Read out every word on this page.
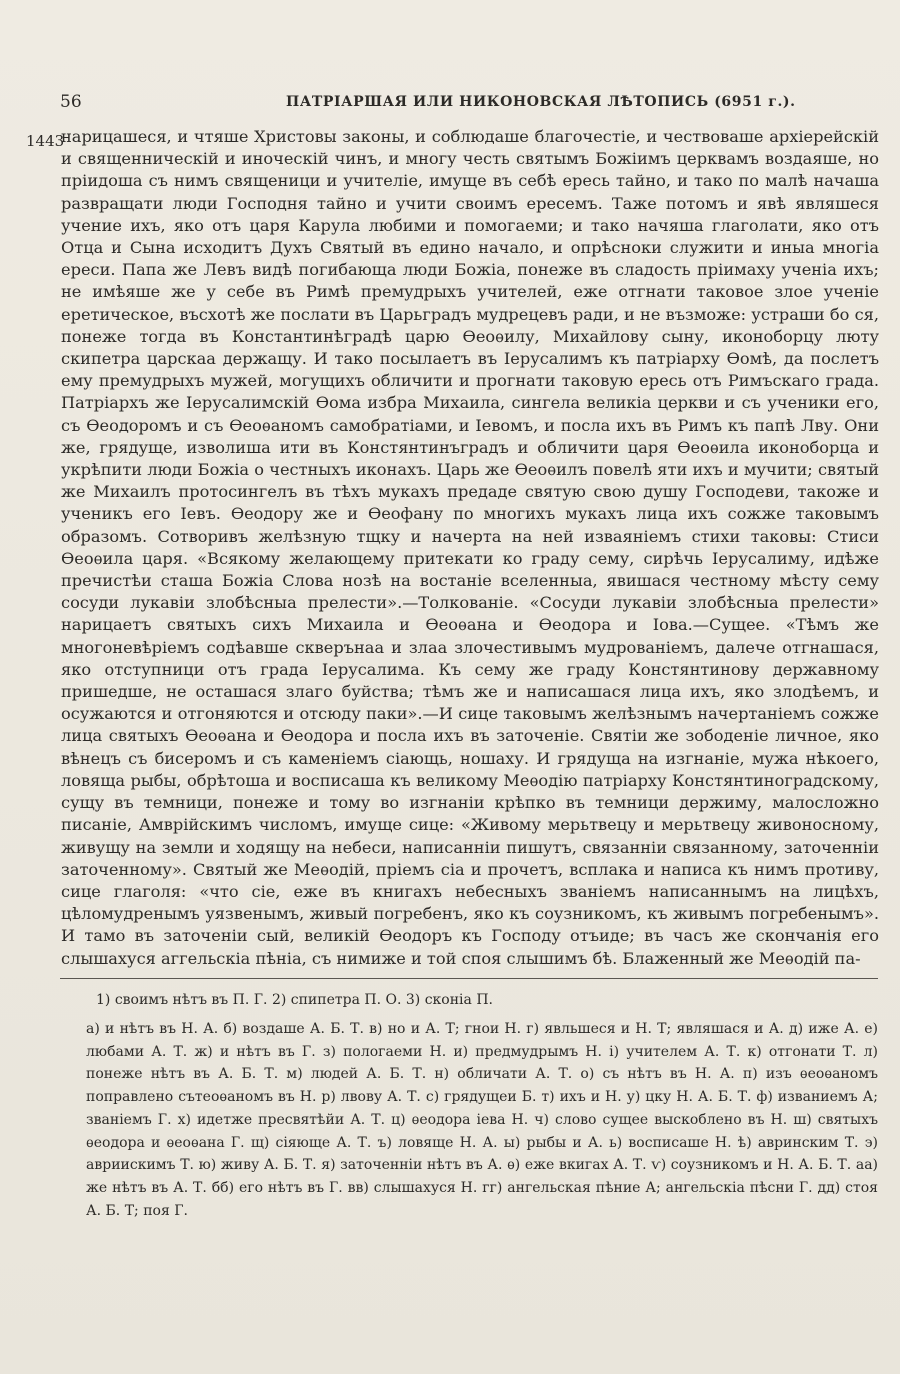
56	ПАТРІАРШАЯ ИЛИ НИКОНОВСКАЯ ЛѢТОПИСЬ (6951 г.).
1443

нарицашеся, и чтяше Христовы законы, и соблюдаше благочестіе, и чествоваше архіерейскій и священническій и иноческій чинъ, и многу честь святымъ Божіимъ церквамъ воздаяше, но прiидоша съ нимъ священици и учителіе, имуще въ себѣ ересь тайно, и тако по малѣ начаша развращати люди Господня тайно и учити своимъ ересемъ. Таже потомъ и явѣ являшеся учение ихъ, яко отъ царя Карула любими и помогаеми; и тако начяша глаголати, яко отъ Отца и Сына исходитъ Духъ Святый въ едино начало, и опрѣсноки служити и иныа многіа ереси. Папа же Левъ видѣ погибающа люди Божіа, понеже въ сладость пріимаху ученіа ихъ; не имѣяше же у себе въ Римѣ премудрыхъ учителей, еже отгнати таковое злое ученіе еретическое, въсхотѣ же послати въ Царьградъ мудрецевъ ради, и не възможе: устраши бо ся, понеже тогда въ Константинѣградѣ царю Ѳеоѳилу, Михайлову сыну, иконоборцу люту скипетра царскаа держащу. И тако посылаетъ въ Іерусалимъ къ патріарху Ѳомѣ, да послетъ ему премудрыхъ мужей, могущихъ обличити и прогнати таковую ересь отъ Римъскаго града. Патріархъ же Іерусалимскій Ѳома избра Михаила, сингела великіа церкви и съ ученики его, съ Ѳеодоромъ и съ Ѳеоѳаномъ самобратіами, и Іевомъ, и посла ихъ въ Римъ къ папѣ Лву. Они же, грядуще, изволиша ити въ Констянтинъградъ и обличити царя Ѳеоѳила иконоборца и укрѣпити люди Божіа о честныхъ иконахъ. Царь же Ѳеоѳилъ повелѣ яти ихъ и мучити; святый же Михаилъ протосингелъ въ тѣхъ мукахъ предаде святую свою душу Господеви, такоже и ученикъ его Іевъ. Ѳеодору же и Ѳеофану по многихъ мукахъ лица ихъ сожже таковымъ образомъ. Сотворивъ желѣзную тщку и начерта на ней изваяніемъ стихи таковы: Стиси Ѳеоѳила царя. «Всякому желающему притекати ко граду сему, сирѣчь Іерусалиму, идѣже пречистѣи сташа Божіа Слова нозѣ на востаніе вселенныа, явишася честному мѣсту сему сосуди лукавіи злобѣсныа прелести».—Толкованіе. «Сосуди лукавіи злобѣсныа прелести» нарицаетъ святыхъ сихъ Михаила и Ѳеоѳана и Ѳеодора и Іова.—Сущее. «Тѣмъ же многоневѣріемъ содѣавше скверънаа и злаа злочестивымъ мудрованіемъ, далече отгнашася, яко отступници отъ града Іерусалима. Къ сему же граду Констянтинову державному пришедше, не осташася злаго буйства; тѣмъ же и написашася лица ихъ, яко злодѣемъ, и осужаются и отгоняются и отсюду паки».—И сице таковымъ желѣзнымъ начертаніемъ сожже лица святыхъ Ѳеоѳана и Ѳеодора и посла ихъ въ заточеніе. Святіи же зободеніе личное, яко вѣнецъ съ бисеромъ и съ каменіемъ сіающь, ношаху. И грядуща на изгнаніе, мужа нѣкоего, ловяща рыбы, обрѣтоша и восписаша къ великому Меѳодію патріарху Констянтиноградскому, сущу въ темници, понеже и тому во изгнаніи крѣпко въ темници держиму, малосложно писаніе, Амврійскимъ числомъ, имуще сице: «Живому мерьтвецу и мерьтвецу живоносному, живущу на земли и ходящу на небеси, написанніи пишутъ, связанніи связанному, заточенніи заточенному». Святый же Меѳодій, пріемъ сіа и прочетъ, всплака и написа къ нимъ противу, сице глаголя: «что сіе, еже въ книгахъ небесныхъ званіемъ написаннымъ на лицѣхъ, цѣломудренымъ уязвенымъ, живый погребенъ, яко къ соузникомъ, къ живымъ погребенымъ». И тамо въ заточеніи сый, великій Ѳеодоръ къ Господу отъиде; въ часъ же скончанія его слышахуся аггельскіа пѣніа, съ нимиже и той споя слышимъ бѣ. Блаженный же Меѳодій па-

1) своимъ нѣтъ въ П. Г. 2) спипетра П. О. 3) сконіа П.

а) и нѣтъ въ Н. А. б) воздаше А. Б. Т. в) но и А. Т; гнои Н. г) явльшеся и Н. Т; являшася и А. д) иже А. е) любами А. Т. ж) и нѣтъ въ Г. з) пологаеми Н. и) предмудрымъ Н. і) учителем А. Т. к) отгонати Т. л) понеже нѣтъ въ А. Б. Т. м) людей А. Б. Т. н) обличати А. Т. о) съ нѣтъ въ Н. А. п) изъ ѳеоѳаномъ поправлено сътеоѳаномъ въ Н. р) лвову А. Т. с) грядущеи Б. т) ихъ и Н. у) цку Н. А. Б. Т. ф) изваниемъ А; званіемъ Г. х) идетже пресвятѣйи А. Т. ц) ѳеодора іева Н. ч) слово сущее выскоблено въ Н. ш) святыхъ ѳеодора и ѳеоѳана Г. щ) сіяюще А. Т. ъ) ловяще Н. А. ы) рыбы и А. ь) восписаше Н. ѣ) авринским Т. э) авриискимъ Т. ю) живу А. Б. Т. я) заточенніи нѣтъ въ А. ѳ) еже вкигах А. Т. ѵ) соузникомъ и Н. А. Б. Т. аа) же нѣтъ въ А. Т. бб) его нѣтъ въ Г. вв) слышахуся Н. гг) ангельская пѣние А; ангельскіа пѣсни Г. дд) стоя А. Б. Т; поя Г.
